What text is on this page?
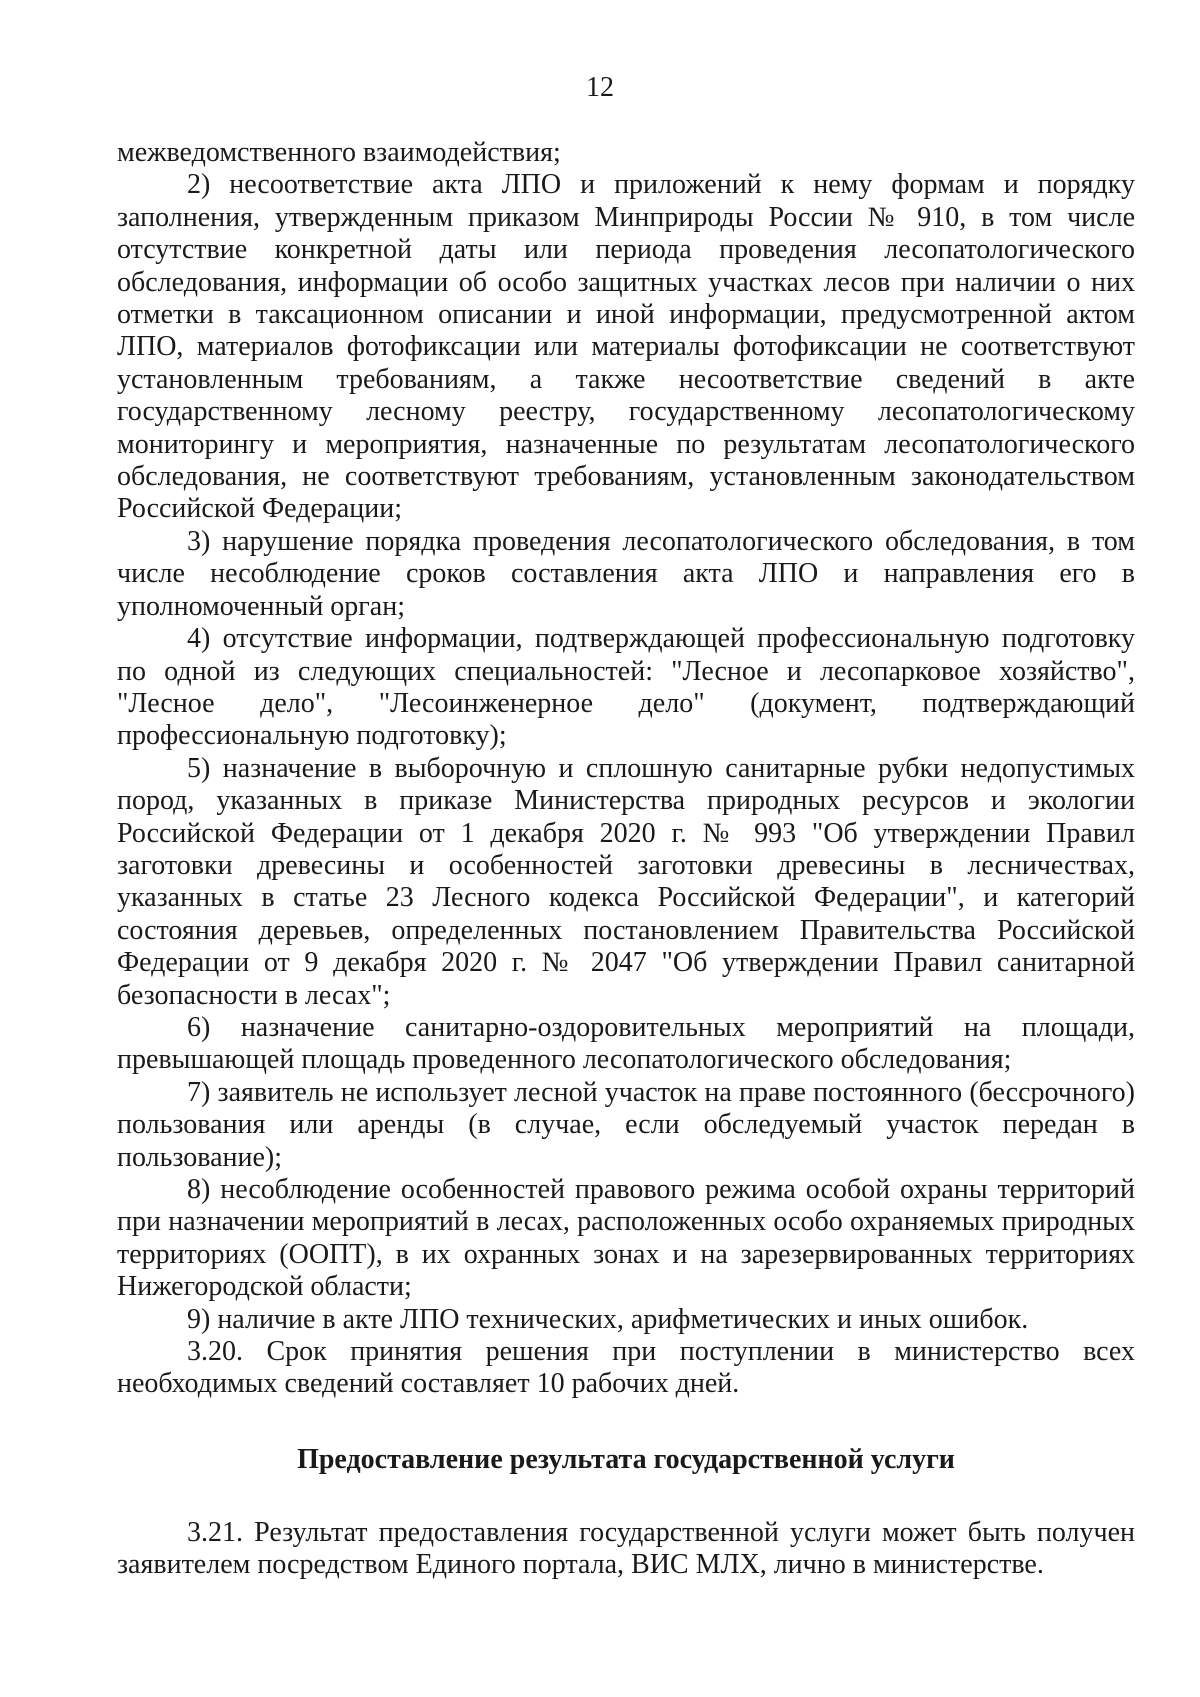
12

межведомственного взаимодействия;

2) несоответствие акта ЛПО и приложений к нему формам и порядку заполнения, утвержденным приказом Минприроды России № 910, в том числе отсутствие конкретной даты или периода проведения лесопатологического обследования, информации об особо защитных участках лесов при наличии о них отметки в таксационном описании и иной информации, предусмотренной актом ЛПО, материалов фотофиксации или материалы фотофиксации не соответствуют установленным требованиям, а также несоответствие сведений в акте государственному лесному реестру, государственному лесопатологическому мониторингу и мероприятия, назначенные по результатам лесопатологического обследования, не соответствуют требованиям, установленным законодательством Российской Федерации;

3) нарушение порядка проведения лесопатологического обследования, в том числе несоблюдение сроков составления акта ЛПО и направления его в уполномоченный орган;

4) отсутствие информации, подтверждающей профессиональную подготовку по одной из следующих специальностей: "Лесное и лесопарковое хозяйство", "Лесное дело", "Лесоинженерное дело" (документ, подтверждающий профессиональную подготовку);

5) назначение в выборочную и сплошную санитарные рубки недопустимых пород, указанных в приказе Министерства природных ресурсов и экологии Российской Федерации от 1 декабря 2020 г. № 993 "Об утверждении Правил заготовки древесины и особенностей заготовки древесины в лесничествах, указанных в статье 23 Лесного кодекса Российской Федерации", и категорий состояния деревьев, определенных постановлением Правительства Российской Федерации от 9 декабря 2020 г. № 2047 "Об утверждении Правил санитарной безопасности в лесах";

6) назначение санитарно-оздоровительных мероприятий на площади, превышающей площадь проведенного лесопатологического обследования;

7) заявитель не использует лесной участок на праве постоянного (бессрочного) пользования или аренды (в случае, если обследуемый участок передан в пользование);

8) несоблюдение особенностей правового режима особой охраны территорий при назначении мероприятий в лесах, расположенных особо охраняемых природных территориях (ООПТ), в их охранных зонах и на зарезервированных территориях Нижегородской области;

9) наличие в акте ЛПО технических, арифметических и иных ошибок.

3.20. Срок принятия решения при поступлении в министерство всех необходимых сведений составляет 10 рабочих дней.

Предоставление результата государственной услуги

3.21. Результат предоставления государственной услуги может быть получен заявителем посредством Единого портала, ВИС МЛХ, лично в министерстве.
